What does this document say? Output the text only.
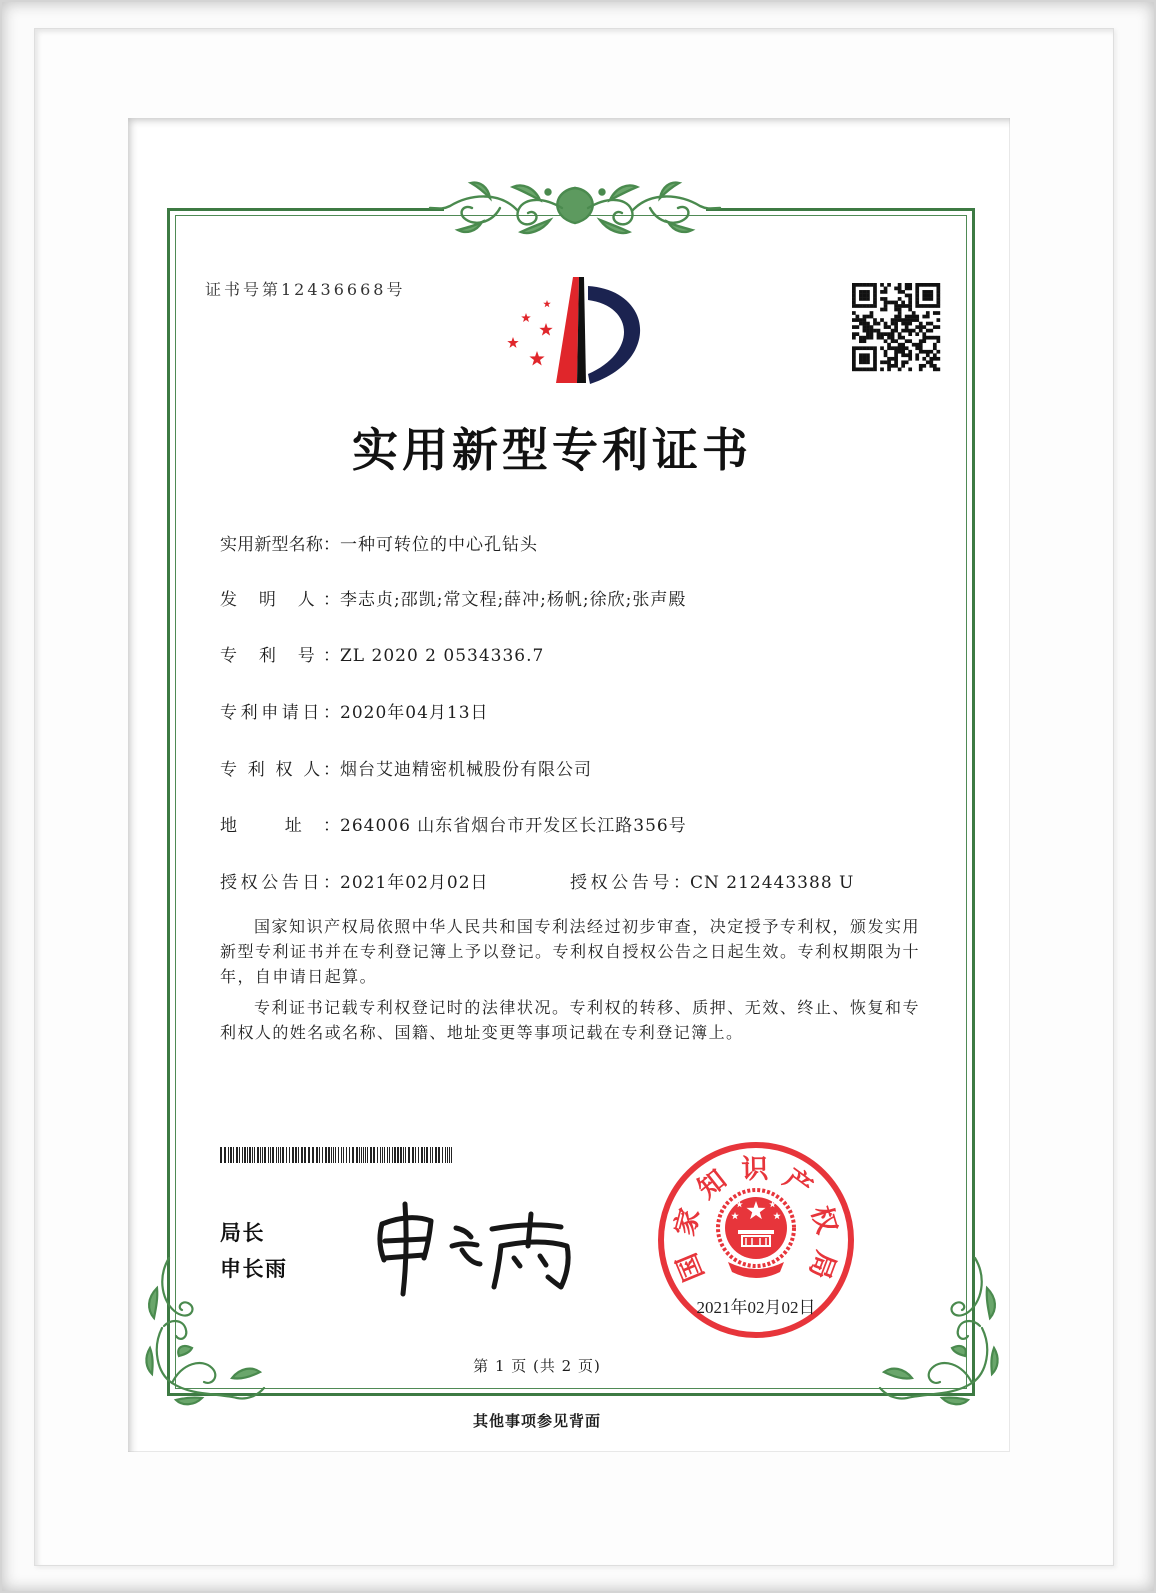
证书号第12436668号
实用新型专利证书
实用新型名称：一种可转位的中心孔钻头
发 明 人：李志贞;邵凯;常文程;薛冲;杨帆;徐欣;张声殿
专 利 号：ZL 2020 2 0534336.7
专利申请日：2020年04月13日
专 利 权 人：烟台艾迪精密机械股份有限公司
地 址：264006 山东省烟台市开发区长江路356号
授权公告日：2021年02月02日	授权公告号：CN 212443388 U

国家知识产权局依照中华人民共和国专利法经过初步审查，决定授予专利权，颁发实用新型专利证书并在专利登记簿上予以登记。专利权自授权公告之日起生效。专利权期限为十年，自申请日起算。

专利证书记载专利权登记时的法律状况。专利权的转移、质押、无效、终止、恢复和专利权人的姓名或名称、国籍、地址变更等事项记载在专利登记簿上。

局长
申长雨	国家知识产权局
2021年02月02日
第 1 页 (共 2 页)
其他事项参见背面
